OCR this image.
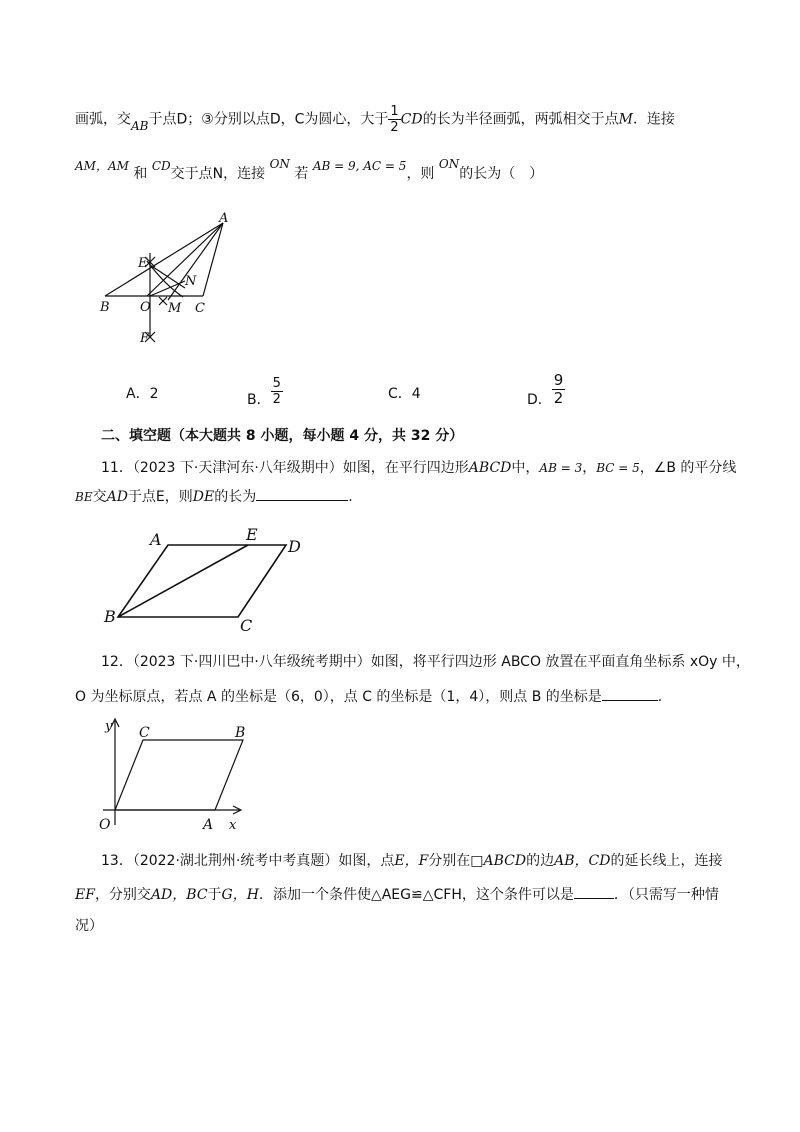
画弧，交AB于点D；③分别以点D，C为圆心，大于 $\frac{1}{2}$ CD的长为半径画弧，两弧相交于点M．连接
AM，AM 和 CD交于点N，连接 ON 若 AB = 9, AC = 5，则 ON的长为（　）
A
E
N
B O M C
F
A．2	B． $\frac{5}{2}$	C．4	D． $\frac{9}{2}$
二、填空题（本大题共 8 小题，每小题 4 分，共 32 分）
11．（2023 下·天津河东·八年级期中）如图，在平行四边形ABCD中，AB = 3，BC = 5，∠B 的平分线
BE交AD于点E，则DE的长为	.
A	E
D
B	C
12．（2023 下·四川巴中·八年级统考期中）如图，将平行四边形 ABCO 放置在平面直角坐标系 xOy 中，
O 为坐标原点，若点 A 的坐标是（6，0），点 C 的坐标是（1，4），则点 B 的坐标是	.
y C	B
O	A x
13．（2022·湖北荆州·统考中考真题）如图，点E，F分别在□ABCD的边AB，CD的延长线上，连接
EF，分别交AD，BC于G，H．添加一个条件使△AEG≌△CFH，这个条件可以是	．（只需写一种情
况）
